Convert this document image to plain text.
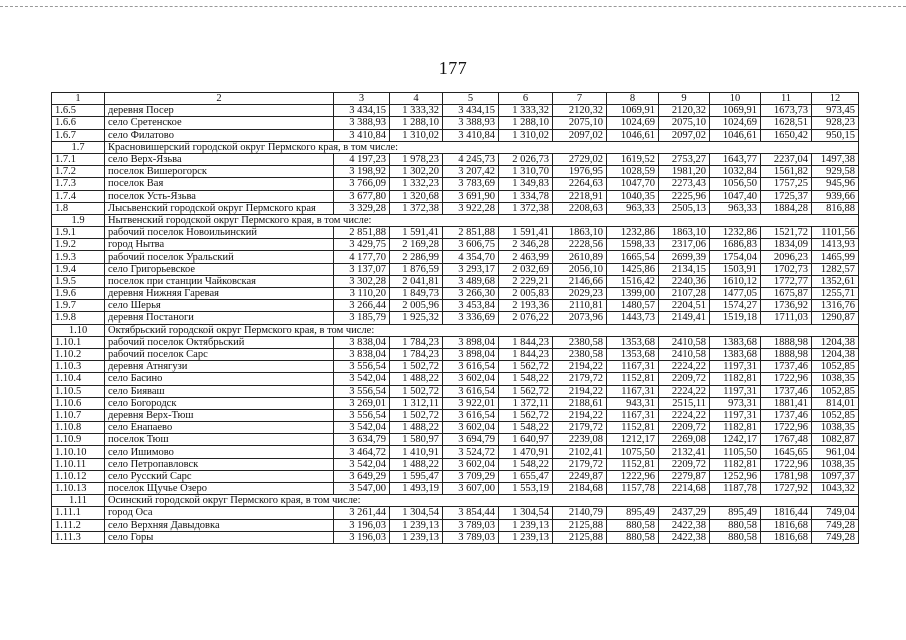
177
1	2	3	4	5	6	7	8	9	10	11	12
1.6.5	деревня Посер	3 434,15	1 333,32	3 434,15	1 333,32	2120,32	1069,91	2120,32	1069,91	1673,73	973,45
1.6.6	село Сретенское	3 388,93	1 288,10	3 388,93	1 288,10	2075,10	1024,69	2075,10	1024,69	1628,51	928,23
1.6.7	село Филатово	3 410,84	1 310,02	3 410,84	1 310,02	2097,02	1046,61	2097,02	1046,61	1650,42	950,15
1.7	Красновишерский городской округ Пермского края, в том числе:										
1.7.1	село Верх-Язьва	4 197,23	1 978,23	4 245,73	2 026,73	2729,02	1619,52	2753,27	1643,77	2237,04	1497,38
1.7.2	поселок Вишерогорск	3 198,92	1 302,20	3 207,42	1 310,70	1976,95	1028,59	1981,20	1032,84	1561,82	929,58
1.7.3	поселок Вая	3 766,09	1 332,23	3 783,69	1 349,83	2264,63	1047,70	2273,43	1056,50	1757,25	945,96
1.7.4	поселок Усть-Язьва	3 677,80	1 320,68	3 691,90	1 334,78	2218,91	1040,35	2225,96	1047,40	1725,37	939,66
1.8	Лысьвенский городской округ Пермского края	3 329,28	1 372,38	3 922,28	1 372,38	2208,63	963,33	2505,13	963,33	1884,28	816,88
1.9	Нытвенский городской округ Пермского края, в том числе:										
1.9.1	рабочий поселок Новоильинский	2 851,88	1 591,41	2 851,88	1 591,41	1863,10	1232,86	1863,10	1232,86	1521,72	1101,56
1.9.2	город Нытва	3 429,75	2 169,28	3 606,75	2 346,28	2228,56	1598,33	2317,06	1686,83	1834,09	1413,93
1.9.3	рабочий поселок Уральский	4 177,70	2 286,99	4 354,70	2 463,99	2610,89	1665,54	2699,39	1754,04	2096,23	1465,99
1.9.4	село Григорьевское	3 137,07	1 876,59	3 293,17	2 032,69	2056,10	1425,86	2134,15	1503,91	1702,73	1282,57
1.9.5	поселок при станции Чайковская	3 302,28	2 041,81	3 489,68	2 229,21	2146,66	1516,42	2240,36	1610,12	1772,77	1352,61
1.9.6	деревня Нижняя Гаревая	3 110,20	1 849,73	3 266,30	2 005,83	2029,23	1399,00	2107,28	1477,05	1675,87	1255,71
1.9.7	село Шерья	3 266,44	2 005,96	3 453,84	2 193,36	2110,81	1480,57	2204,51	1574,27	1736,92	1316,76
1.9.8	деревня Постаноги	3 185,79	1 925,32	3 336,69	2 076,22	2073,96	1443,73	2149,41	1519,18	1711,03	1290,87
1.10	Октябрьский городской округ Пермского края, в том числе:										
1.10.1	рабочий поселок Октябрьский	3 838,04	1 784,23	3 898,04	1 844,23	2380,58	1353,68	2410,58	1383,68	1888,98	1204,38
1.10.2	рабочий поселок Сарс	3 838,04	1 784,23	3 898,04	1 844,23	2380,58	1353,68	2410,58	1383,68	1888,98	1204,38
1.10.3	деревня Атнягузи	3 556,54	1 502,72	3 616,54	1 562,72	2194,22	1167,31	2224,22	1197,31	1737,46	1052,85
1.10.4	село Басино	3 542,04	1 488,22	3 602,04	1 548,22	2179,72	1152,81	2209,72	1182,81	1722,96	1038,35
1.10.5	село Бияваш	3 556,54	1 502,72	3 616,54	1 562,72	2194,22	1167,31	2224,22	1197,31	1737,46	1052,85
1.10.6	село Богородск	3 269,01	1 312,11	3 922,01	1 372,11	2188,61	943,31	2515,11	973,31	1881,41	814,01
1.10.7	деревня Верх-Тюш	3 556,54	1 502,72	3 616,54	1 562,72	2194,22	1167,31	2224,22	1197,31	1737,46	1052,85
1.10.8	село Енапаево	3 542,04	1 488,22	3 602,04	1 548,22	2179,72	1152,81	2209,72	1182,81	1722,96	1038,35
1.10.9	поселок Тюш	3 634,79	1 580,97	3 694,79	1 640,97	2239,08	1212,17	2269,08	1242,17	1767,48	1082,87
1.10.10	село Ишимово	3 464,72	1 410,91	3 524,72	1 470,91	2102,41	1075,50	2132,41	1105,50	1645,65	961,04
1.10.11	село Петропавловск	3 542,04	1 488,22	3 602,04	1 548,22	2179,72	1152,81	2209,72	1182,81	1722,96	1038,35
1.10.12	село Русский Сарс	3 649,29	1 595,47	3 709,29	1 655,47	2249,87	1222,96	2279,87	1252,96	1781,98	1097,37
1.10.13	поселок Щучье Озеро	3 547,00	1 493,19	3 607,00	1 553,19	2184,68	1157,78	2214,68	1187,78	1727,92	1043,32
1.11	Осинский городской округ Пермского края, в том числе:										
1.11.1	город Оса	3 261,44	1 304,54	3 854,44	1 304,54	2140,79	895,49	2437,29	895,49	1816,44	749,04
1.11.2	село Верхняя Давыдовка	3 196,03	1 239,13	3 789,03	1 239,13	2125,88	880,58	2422,38	880,58	1816,68	749,28
1.11.3	село Горы	3 196,03	1 239,13	3 789,03	1 239,13	2125,88	880,58	2422,38	880,58	1816,68	749,28
